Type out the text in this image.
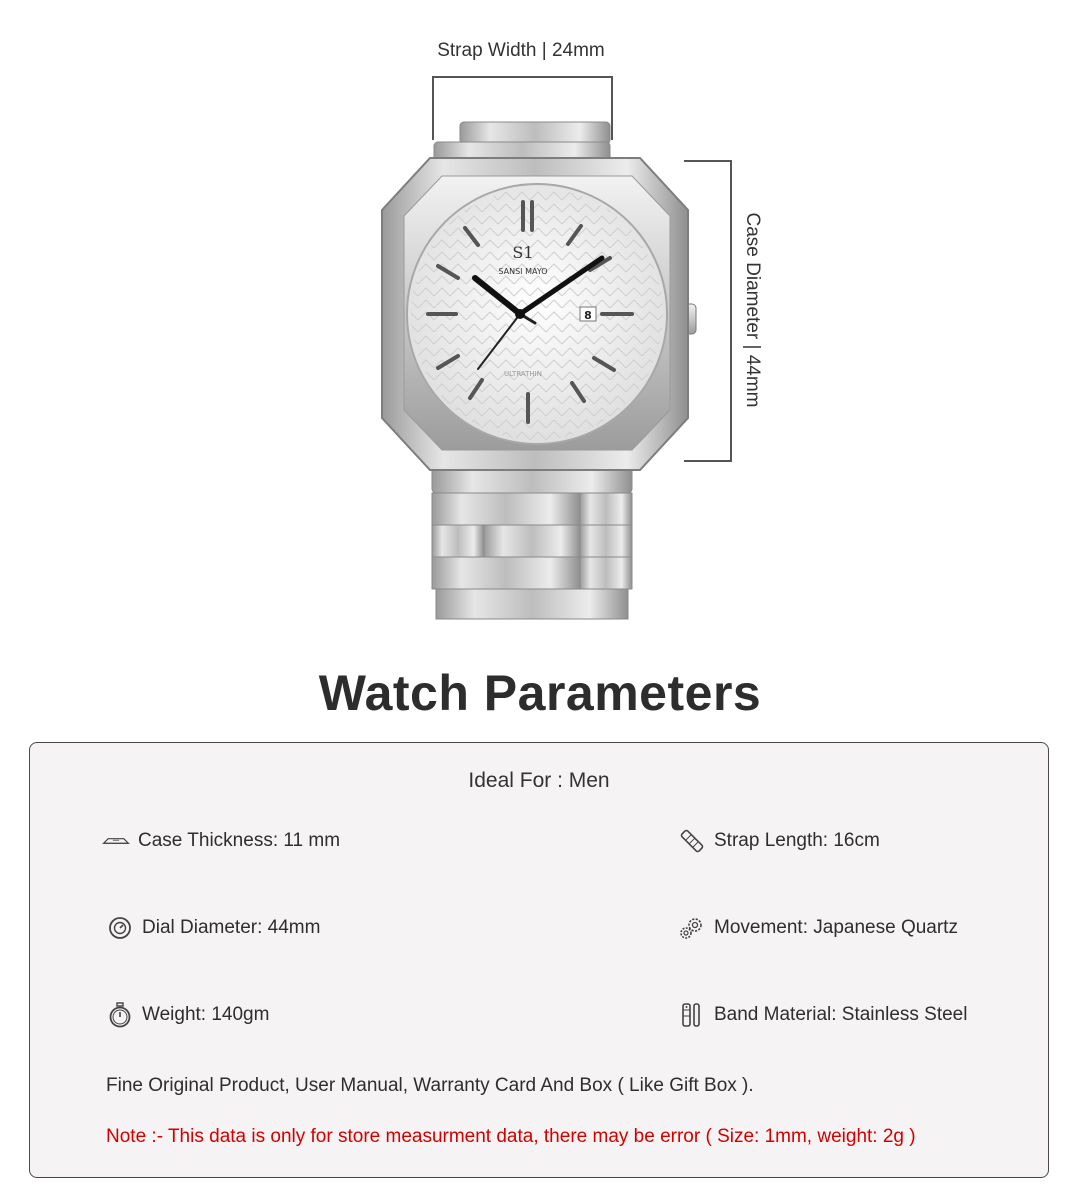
Strap Width | 24mm
Case Diameter | 44mm
S1
SANSI MAYO
ULTRATHIN
8
Watch Parameters
Ideal For : Men
Case Thickness: 11 mm	Strap Length: 16cm
Dial Diameter: 44mm	Movement: Japanese Quartz
Weight: 140gm	Band Material: Stainless Steel
Fine Original Product, User Manual, Warranty Card And Box ( Like Gift Box ).
Note :- This data is only for store measurment data, there may be error ( Size: 1mm, weight: 2g )
